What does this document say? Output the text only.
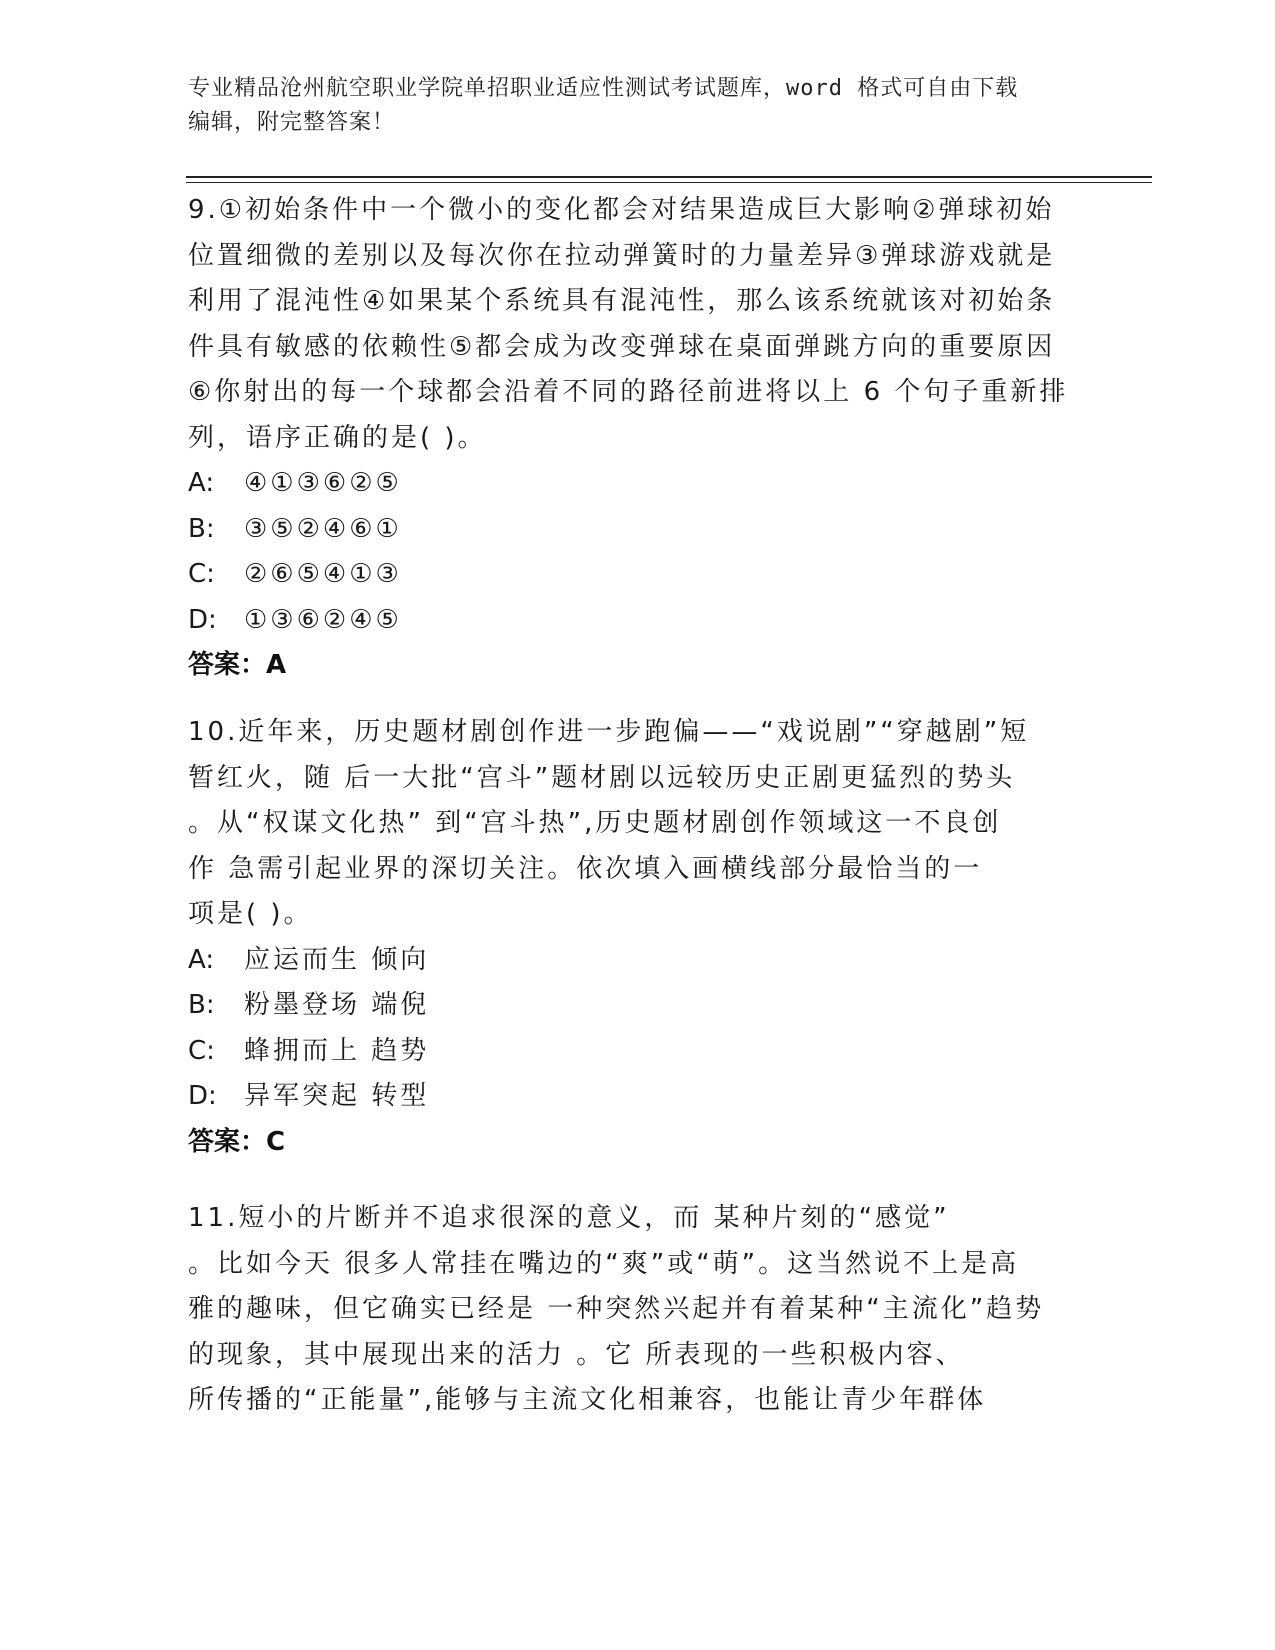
专业精品沧州航空职业学院单招职业适应性测试考试题库，word 格式可自由下载
编辑，附完整答案！
9.①初始条件中一个微小的变化都会对结果造成巨大影响②弹球初始
位置细微的差别以及每次你在拉动弹簧时的力量差异③弹球游戏就是
利用了混沌性④如果某个系统具有混沌性，那么该系统就该对初始条
件具有敏感的依赖性⑤都会成为改变弹球在桌面弹跳方向的重要原因
⑥你射出的每一个球都会沿着不同的路径前进将以上 6 个句子重新排
列，语序正确的是( )。
A: ④①③⑥②⑤
B: ③⑤②④⑥①
C: ②⑥⑤④①③
D: ①③⑥②④⑤
答案：A
10.近年来，历史题材剧创作进一步跑偏——“戏说剧”“穿越剧”短
暂红火，随 后一大批“宫斗”题材剧以远较历史正剧更猛烈的势头
。从“权谋文化热” 到“宫斗热”,历史题材剧创作领域这一不良创
作 急需引起业界的深切关注。依次填入画横线部分最恰当的一
项是( )。
A: 应运而生 倾向
B: 粉墨登场 端倪
C: 蜂拥而上 趋势
D: 异军突起 转型
答案：C
11.短小的片断并不追求很深的意义，而 某种片刻的“感觉”
。比如今天 很多人常挂在嘴边的“爽”或“萌”。这当然说不上是高
雅的趣味，但它确实已经是 一种突然兴起并有着某种“主流化”趋势
的现象，其中展现出来的活力 。它 所表现的一些积极内容、
所传播的“正能量”,能够与主流文化相兼容，也能让青少年群体
